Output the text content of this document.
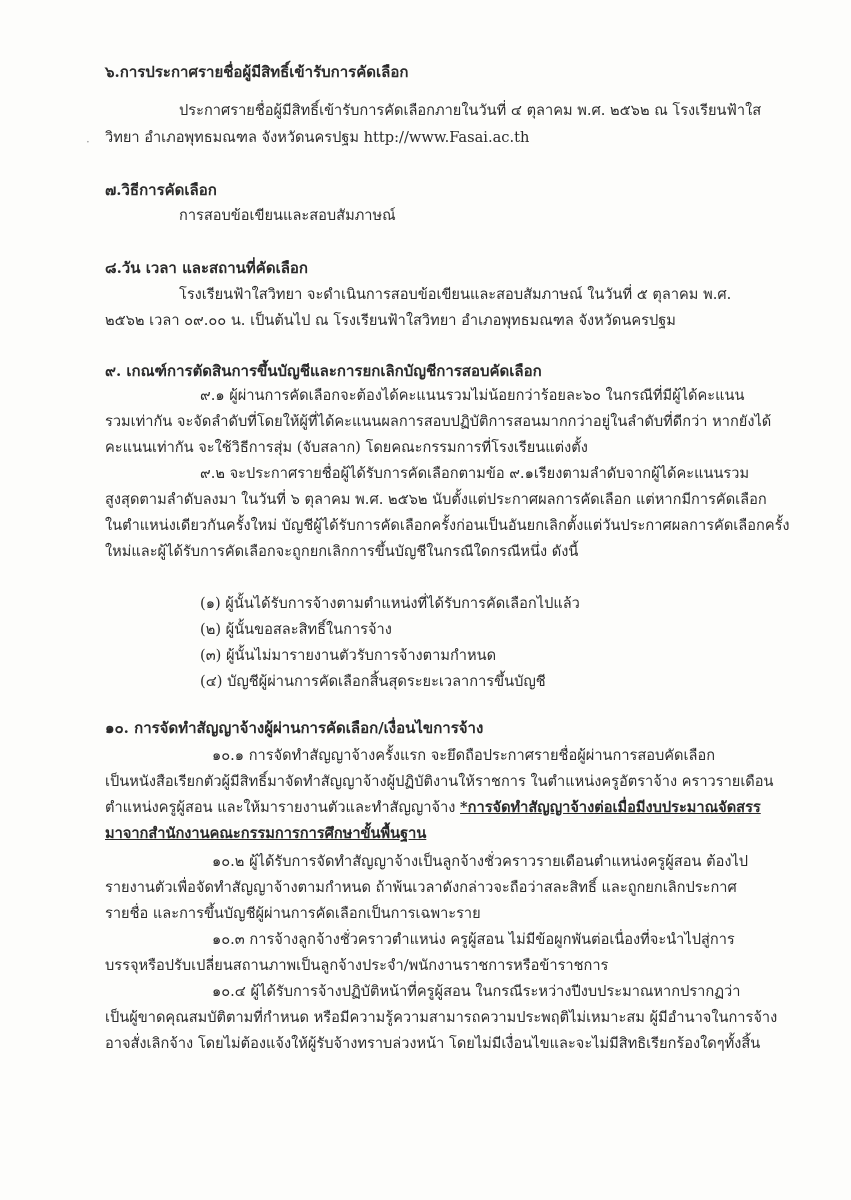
๖.การประกาศรายชื่อผู้มีสิทธิ์เข้ารับการคัดเลือก
ประกาศรายชื่อผู้มีสิทธิ์เข้ารับการคัดเลือกภายในวันที่ ๔ ตุลาคม พ.ศ. ๒๕๖๒ ณ โรงเรียนฟ้าใส
· วิทยา อำเภอพุทธมณฑล จังหวัดนครปฐม http://www.Fasai.ac.th
๗.วิธีการคัดเลือก
การสอบข้อเขียนและสอบสัมภาษณ์
๘.วัน เวลา และสถานที่คัดเลือก
โรงเรียนฟ้าใสวิทยา จะดำเนินการสอบข้อเขียนและสอบสัมภาษณ์ ในวันที่ ๕ ตุลาคม พ.ศ.
๒๕๖๒ เวลา ๐๙.๐๐ น. เป็นต้นไป ณ โรงเรียนฟ้าใสวิทยา อำเภอพุทธมณฑล จังหวัดนครปฐม
๙. เกณฑ์การตัดสินการขึ้นบัญชีและการยกเลิกบัญชีการสอบคัดเลือก
๙.๑ ผู้ผ่านการคัดเลือกจะต้องได้คะแนนรวมไม่น้อยกว่าร้อยละ๖๐ ในกรณีที่มีผู้ได้คะแนน
รวมเท่ากัน จะจัดลำดับที่โดยให้ผู้ที่ได้คะแนนผลการสอบปฏิบัติการสอนมากกว่าอยู่ในลำดับที่ดีกว่า หากยังได้
คะแนนเท่ากัน จะใช้วิธีการสุ่ม (จับสลาก) โดยคณะกรรมการที่โรงเรียนแต่งตั้ง
๙.๒ จะประกาศรายชื่อผู้ได้รับการคัดเลือกตามข้อ ๙.๑เรียงตามลำดับจากผู้ได้คะแนนรวม
สูงสุดตามลำดับลงมา ในวันที่ ๖ ตุลาคม พ.ศ. ๒๕๖๒ นับตั้งแต่ประกาศผลการคัดเลือก แต่หากมีการคัดเลือก
ในตำแหน่งเดียวกันครั้งใหม่ บัญชีผู้ได้รับการคัดเลือกครั้งก่อนเป็นอันยกเลิกตั้งแต่วันประกาศผลการคัดเลือกครั้ง
ใหม่และผู้ได้รับการคัดเลือกจะถูกยกเลิกการขึ้นบัญชีในกรณีใดกรณีหนึ่ง ดังนี้
(๑) ผู้นั้นได้รับการจ้างตามตำแหน่งที่ได้รับการคัดเลือกไปแล้ว
(๒) ผู้นั้นขอสละสิทธิ์ในการจ้าง
(๓) ผู้นั้นไม่มารายงานตัวรับการจ้างตามกำหนด
(๔) บัญชีผู้ผ่านการคัดเลือกสิ้นสุดระยะเวลาการขึ้นบัญชี
๑๐. การจัดทำสัญญาจ้างผู้ผ่านการคัดเลือก/เงื่อนไขการจ้าง
๑๐.๑ การจัดทำสัญญาจ้างครั้งแรก จะยึดถือประกาศรายชื่อผู้ผ่านการสอบคัดเลือก
เป็นหนังสือเรียกตัวผู้มีสิทธิ์มาจัดทำสัญญาจ้างผู้ปฏิบัติงานให้ราชการ ในตำแหน่งครูอัตราจ้าง คราวรายเดือน
ตำแหน่งครูผู้สอน และให้มารายงานตัวและทำสัญญาจ้าง *การจัดทำสัญญาจ้างต่อเมื่อมีงบประมาณจัดสรร
มาจากสำนักงานคณะกรรมการการศึกษาขั้นพื้นฐาน
๑๐.๒ ผู้ได้รับการจัดทำสัญญาจ้างเป็นลูกจ้างชั่วคราวรายเดือนตำแหน่งครูผู้สอน ต้องไป
รายงานตัวเพื่อจัดทำสัญญาจ้างตามกำหนด ถ้าพ้นเวลาดังกล่าวจะถือว่าสละสิทธิ์ และถูกยกเลิกประกาศ
รายชื่อ และการขึ้นบัญชีผู้ผ่านการคัดเลือกเป็นการเฉพาะราย
๑๐.๓ การจ้างลูกจ้างชั่วคราวตำแหน่ง ครูผู้สอน ไม่มีข้อผูกพันต่อเนื่องที่จะนำไปสู่การ
บรรจุหรือปรับเปลี่ยนสถานภาพเป็นลูกจ้างประจำ/พนักงานราชการหรือข้าราชการ
๑๐.๔ ผู้ได้รับการจ้างปฏิบัติหน้าที่ครูผู้สอน ในกรณีระหว่างปีงบประมาณหากปรากฏว่า
เป็นผู้ขาดคุณสมบัติตามที่กำหนด หรือมีความรู้ความสามารถความประพฤติไม่เหมาะสม ผู้มีอำนาจในการจ้าง
อาจสั่งเลิกจ้าง โดยไม่ต้องแจ้งให้ผู้รับจ้างทราบล่วงหน้า โดยไม่มีเงื่อนไขและจะไม่มีสิทธิเรียกร้องใดๆทั้งสิ้น
